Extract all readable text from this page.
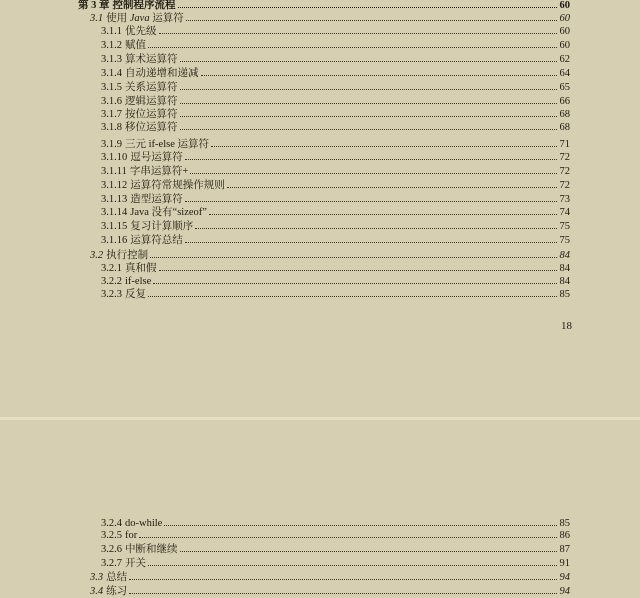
第 3 章 控制程序流程	60
3.1 使用 Java 运算符	60
3.1.1 优先级	60
3.1.2 赋值	60
3.1.3 算术运算符	62
3.1.4 自动递增和递减	64
3.1.5 关系运算符	65
3.1.6 逻辑运算符	66
3.1.7 按位运算符	68
3.1.8 移位运算符	68
3.1.9 三元 if-else 运算符	71
3.1.10 逗号运算符	72
3.1.11 字串运算符+	72
3.1.12 运算符常规操作规则	72
3.1.13 造型运算符	73
3.1.14 Java 没有“sizeof”	74
3.1.15 复习计算顺序	75
3.1.16 运算符总结	75
3.2 执行控制	84
3.2.1 真和假	84
3.2.2 if-else	84
3.2.3 反复	85
18
3.2.4 do-while	85
3.2.5 for	86
3.2.6 中断和继续	87
3.2.7 开关	91
3.3 总结	94
3.4 练习	94
